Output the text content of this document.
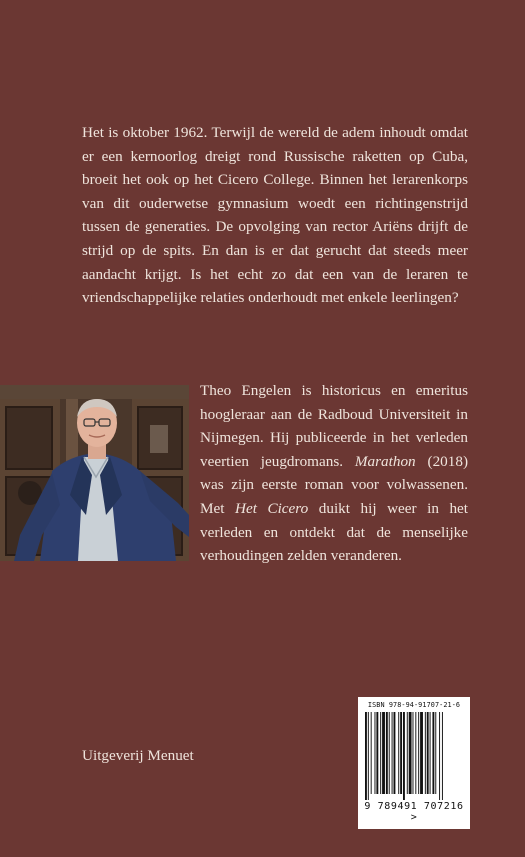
Het is oktober 1962. Terwijl de wereld de adem inhoudt omdat er een kernoorlog dreigt rond Russische raketten op Cuba, broeit het ook op het Cicero College. Binnen het lerarenkorps van dit ouderwetse gymnasium woedt een richtingenstrijd tussen de generaties. De opvolging van rector Ariëns drijft de strijd op de spits. En dan is er dat gerucht dat steeds meer aandacht krijgt. Is het echt zo dat een van de leraren te vriendschappelijke relaties onderhoudt met enkele leerlingen?

Theo Engelen is historicus en emeritus hoogleraar aan de Radboud Universiteit in Nijmegen. Hij publiceerde in het verleden veertien jeugdromans. Marathon (2018) was zijn eerste roman voor volwassenen. Met Het Cicero duikt hij weer in het verleden en ontdekt dat de menselijke verhoudingen zelden veranderen.

Uitgeverij Menuet

ISBN 978-94-91707-21-6
9 789491 707216 >
